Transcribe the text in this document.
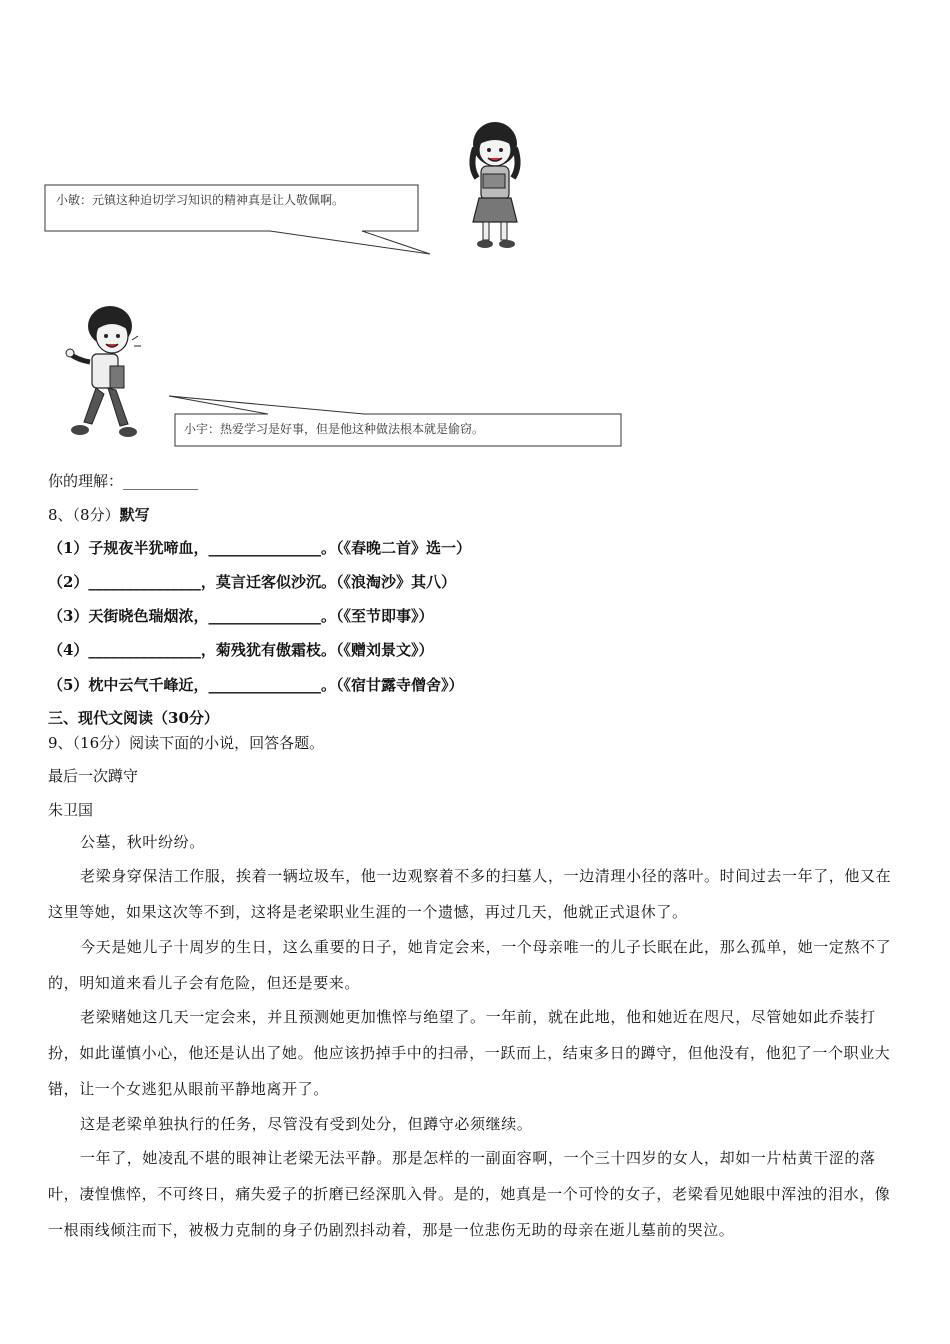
小敏：元镇这种迫切学习知识的精神真是让人敬佩啊。
小宇：热爱学习是好事，但是他这种做法根本就是偷窃。
你的理解：__________
8、（8分）默写
（1）子规夜半犹啼血，_______________。（《春晚二首》选一）
（2）_______________，莫言迁客似沙沉。（《浪淘沙》其八）
（3）天街晓色瑞烟浓，_______________。（《至节即事》）
（4）_______________，菊残犹有傲霜枝。（《赠刘景文》）
（5）枕中云气千峰近，_______________。（《宿甘露寺僧舍》）
三、现代文阅读（30分）
9、（16分）阅读下面的小说，回答各题。
最后一次蹲守
朱卫国
公墓，秋叶纷纷。
老梁身穿保洁工作服，挨着一辆垃圾车，他一边观察着不多的扫墓人，一边清理小径的落叶。时间过去一年了，他又在这里等她，如果这次等不到，这将是老梁职业生涯的一个遗憾，再过几天，他就正式退休了。
今天是她儿子十周岁的生日，这么重要的日子，她肯定会来，一个母亲唯一的儿子长眠在此，那么孤单，她一定熬不了的，明知道来看儿子会有危险，但还是要来。
老梁赌她这几天一定会来，并且预测她更加憔悴与绝望了。一年前，就在此地，他和她近在咫尺，尽管她如此乔装打扮，如此谨慎小心，他还是认出了她。他应该扔掉手中的扫帚，一跃而上，结束多日的蹲守，但他没有，他犯了一个职业大错，让一个女逃犯从眼前平静地离开了。
这是老梁单独执行的任务，尽管没有受到处分，但蹲守必须继续。
一年了，她凌乱不堪的眼神让老梁无法平静。那是怎样的一副面容啊，一个三十四岁的女人，却如一片枯黄干涩的落叶，凄惶憔悴，不可终日，痛失爱子的折磨已经深肌入骨。是的，她真是一个可怜的女子，老梁看见她眼中浑浊的泪水，像一根雨线倾注而下，被极力克制的身子仍剧烈抖动着，那是一位悲伤无助的母亲在逝儿墓前的哭泣。
